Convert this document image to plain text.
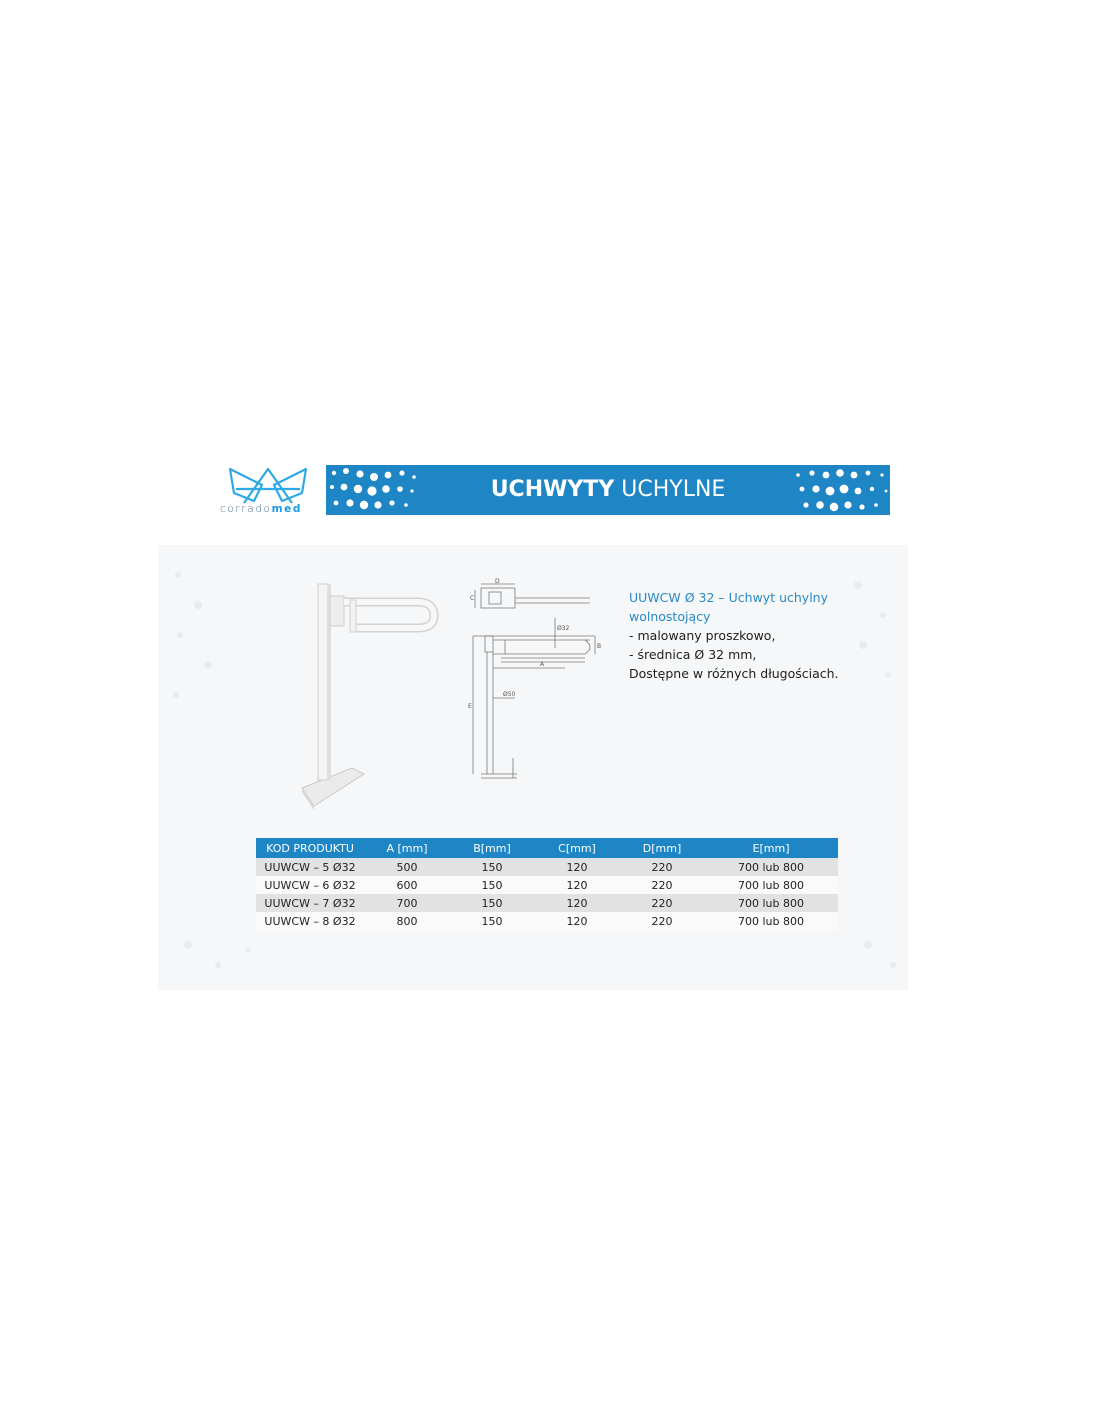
corradomed
UCHWYTY UCHYLNE
D
C
Ø32
Ø50
A
B
E
UUWCW Ø 32 – Uchwyt uchylny wolnostojący
- malowany proszkowo,
- średnica Ø 32 mm,
Dostępne w różnych długościach.
KOD PRODUKTU	A [mm]	B[mm]	C[mm]	D[mm]	E[mm]
UUWCW – 5 Ø32	500	150	120	220	700 lub 800
UUWCW – 6 Ø32	600	150	120	220	700 lub 800
UUWCW – 7 Ø32	700	150	120	220	700 lub 800
UUWCW – 8 Ø32	800	150	120	220	700 lub 800
